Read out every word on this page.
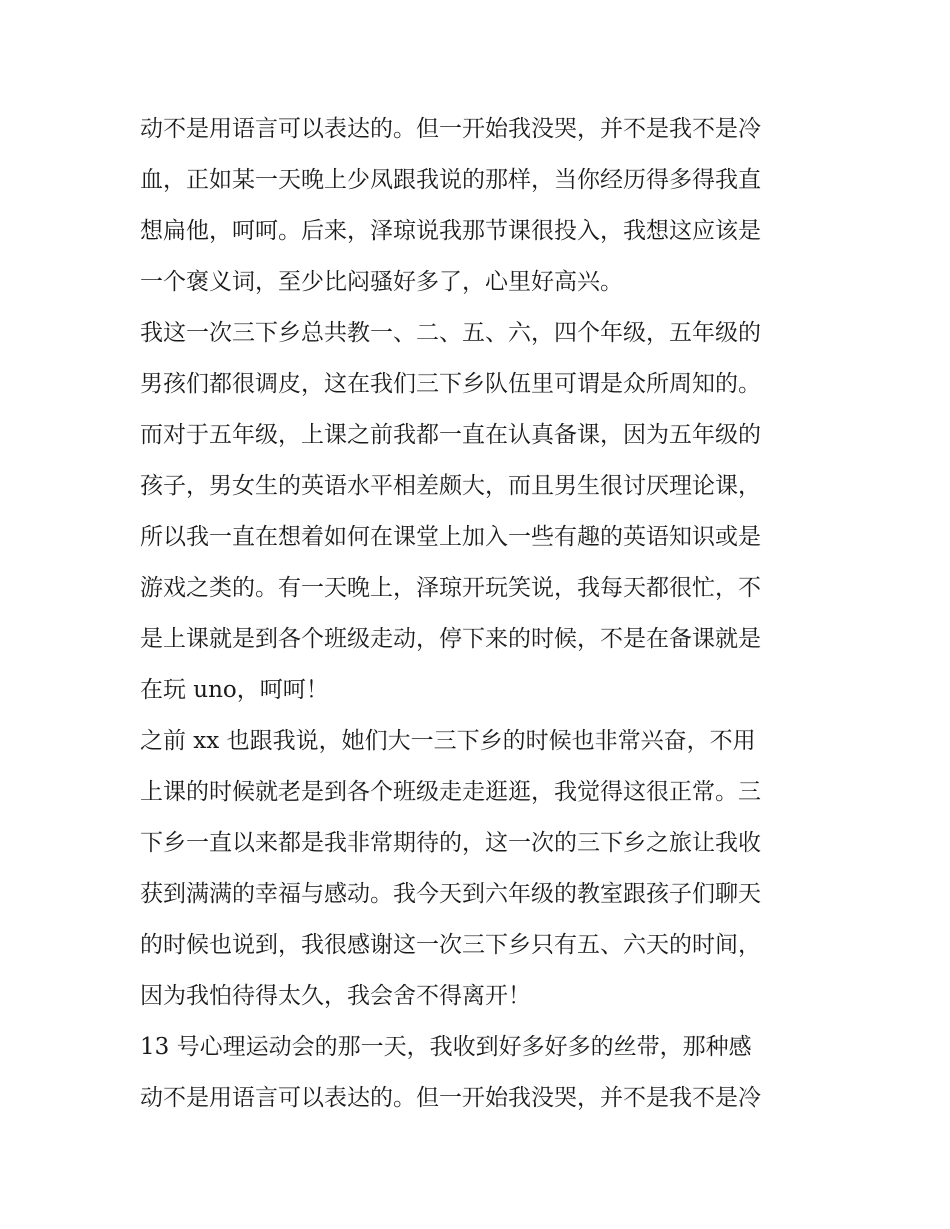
动不是用语言可以表达的。但一开始我没哭，并不是我不是冷
血，正如某一天晚上少凤跟我说的那样，当你经历得多得我直
想扁他，呵呵。后来，泽琼说我那节课很投入，我想这应该是
一个褒义词，至少比闷骚好多了，心里好高兴。
我这一次三下乡总共教一、二、五、六，四个年级，五年级的
男孩们都很调皮，这在我们三下乡队伍里可谓是众所周知的。
而对于五年级，上课之前我都一直在认真备课，因为五年级的
孩子，男女生的英语水平相差颇大，而且男生很讨厌理论课，
所以我一直在想着如何在课堂上加入一些有趣的英语知识或是
游戏之类的。有一天晚上，泽琼开玩笑说，我每天都很忙，不
是上课就是到各个班级走动，停下来的时候，不是在备课就是
在玩 uno，呵呵！
之前 xx 也跟我说，她们大一三下乡的时候也非常兴奋，不用
上课的时候就老是到各个班级走走逛逛，我觉得这很正常。三
下乡一直以来都是我非常期待的，这一次的三下乡之旅让我收
获到满满的幸福与感动。我今天到六年级的教室跟孩子们聊天
的时候也说到，我很感谢这一次三下乡只有五、六天的时间，
因为我怕待得太久，我会舍不得离开！
13 号心理运动会的那一天，我收到好多好多的丝带，那种感
动不是用语言可以表达的。但一开始我没哭，并不是我不是冷
